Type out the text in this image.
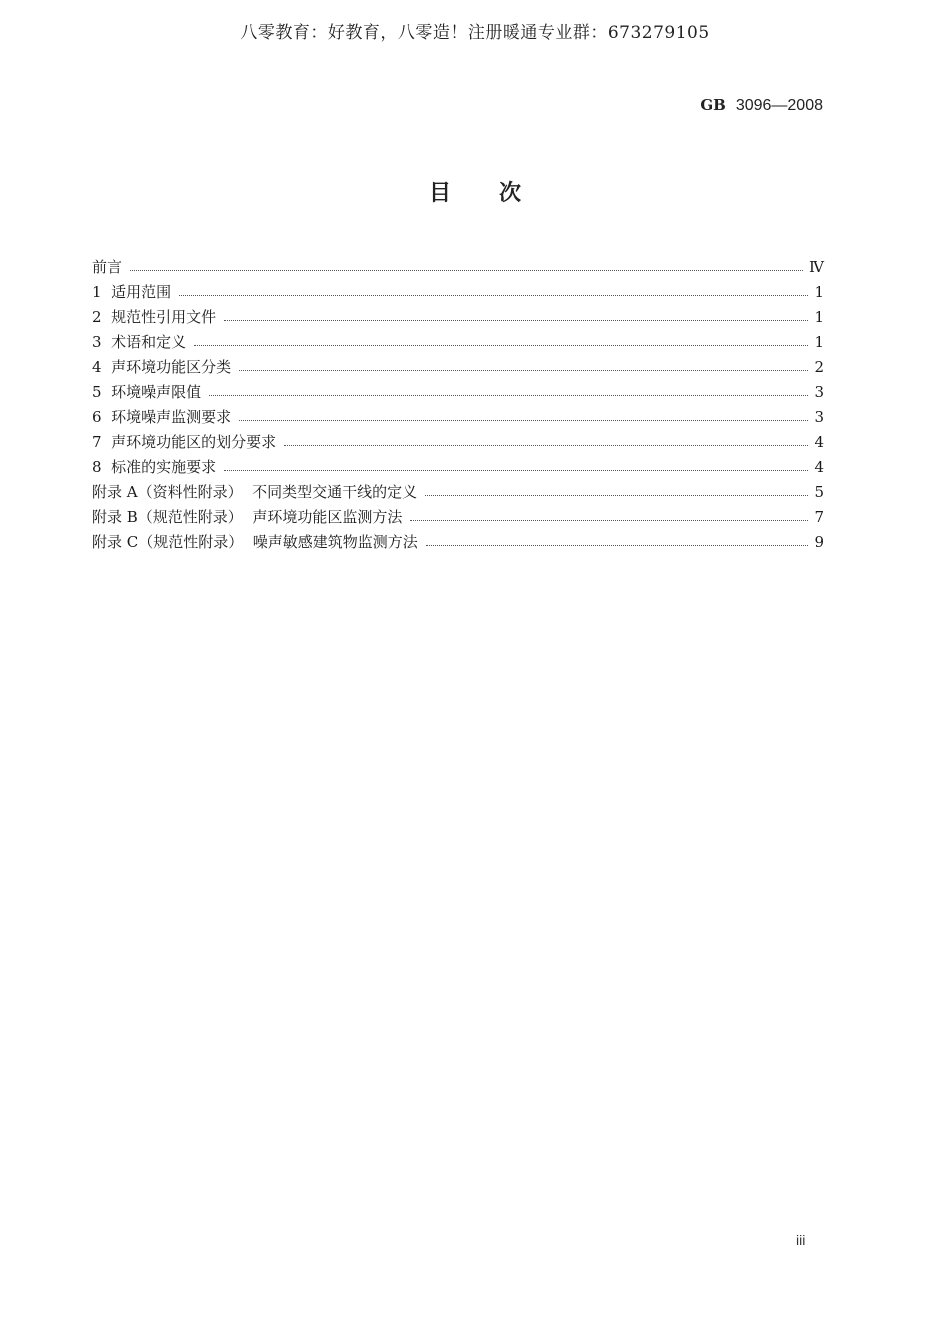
八零教育：好教育，八零造！注册暖通专业群：673279105
GB 3096—2008
目次
前言	Ⅳ
1  适用范围	1
2  规范性引用文件	1
3  术语和定义	1
4  声环境功能区分类	2
5  环境噪声限值	3
6  环境噪声监测要求	3
7  声环境功能区的划分要求	4
8  标准的实施要求	4
附录 A（资料性附录）  不同类型交通干线的定义	5
附录 B（规范性附录）  声环境功能区监测方法	7
附录 C（规范性附录）  噪声敏感建筑物监测方法	9
iii
